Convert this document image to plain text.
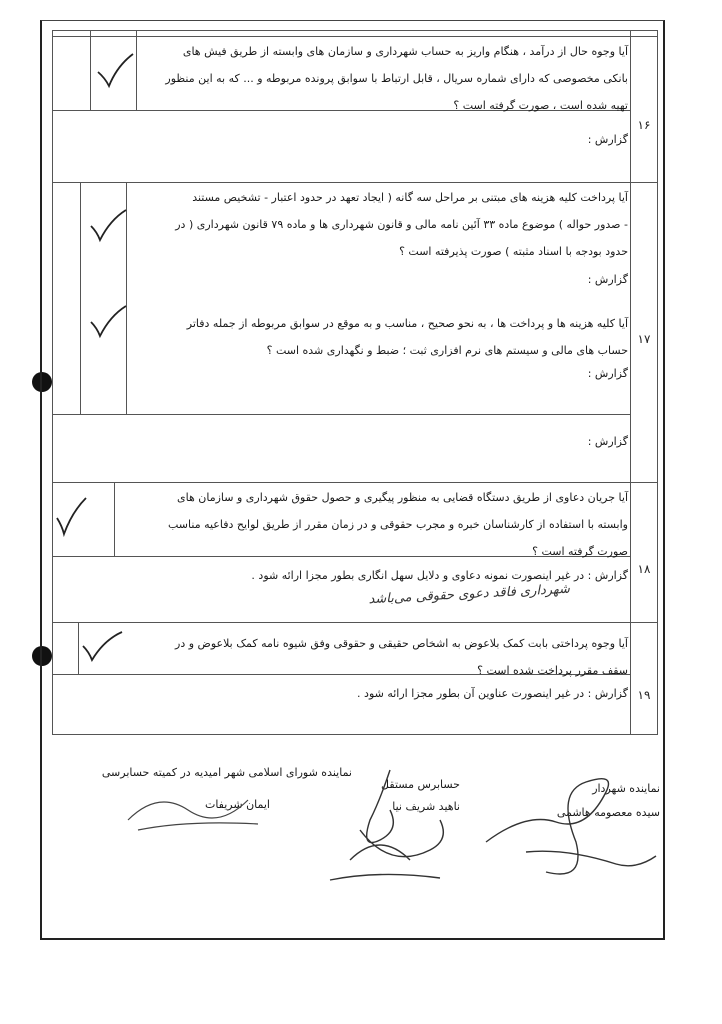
۱۶
آیا وجوه حال از درآمد ، هنگام واریز به حساب شهرداری و سازمان های وابسته از طریق فیش های
بانکی مخصوصی که دارای شماره سریال ، قابل ارتباط با سوابق پرونده مربوطه و ... که به این منظور
تهیه شده است ، صورت گرفته است ؟
گزارش :
۱۷
آیا پرداخت کلیه هزینه های مبتنی بر مراحل سه گانه ( ایجاد تعهد در حدود اعتبار - تشخیص مستند
- صدور حواله ) موضوع ماده ۳۳ آئین نامه مالی و قانون شهرداری ها و ماده ۷۹ قانون شهرداری ( در
حدود بودجه با اسناد مثبته ) صورت پذیرفته است ؟
گزارش :
آیا کلیه هزینه ها و پرداخت ها ، به نحو صحیح ، مناسب و به موقع در سوابق مربوطه از جمله دفاتر
حساب های مالی و سیستم های نرم افزاری ثبت ؛ ضبط و نگهداری شده است ؟
گزارش :
گزارش :
۱۸
آیا جریان دعاوی از طریق دستگاه قضایی به منظور پیگیری و حصول حقوق شهرداری و سازمان های
وابسته با استفاده از کارشناسان خبره و مجرب حقوقی و در زمان مقرر از طریق لوایح دفاعیه مناسب
صورت گرفته است ؟
گزارش : در غیر اینصورت نمونه دعاوی و دلایل سهل انگاری بطور مجزا ارائه شود .
شهرداری فاقد دعوی حقوقی می‌باشد
۱۹
آیا وجوه پرداختی بابت کمک بلاعوض به اشخاص حقیقی و حقوقی وفق شیوه نامه کمک بلاعوض و در
سقف مقرر پرداخت شده است ؟
گزارش : در غیر اینصورت عناوین آن بطور مجزا ارائه شود .
نماینده شهردار
سیده معصومه هاشمی
حسابرس مستقل
ناهید شریف نیا
نماینده شورای اسلامی شهر امیدیه در کمیته حسابرسی
ایمان شریفات
